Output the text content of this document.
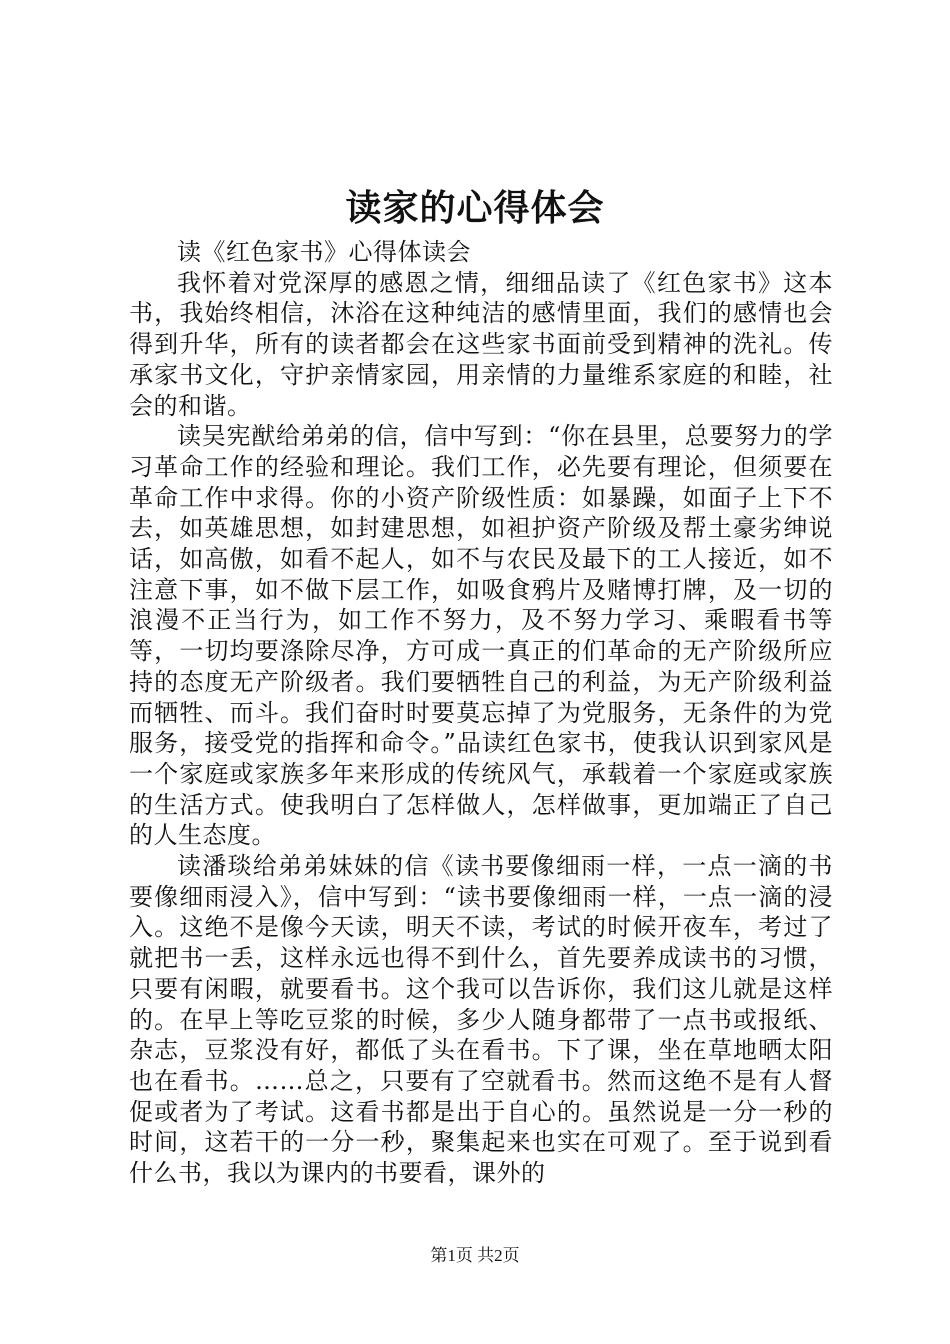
读家的心得体会

读《红色家书》心得体读会

我怀着对党深厚的感恩之情，细细品读了《红色家书》这本书，我始终相信，沐浴在这种纯洁的感情里面，我们的感情也会得到升华，所有的读者都会在这些家书面前受到精神的洗礼。传承家书文化，守护亲情家园，用亲情的力量维系家庭的和睦，社会的和谐。

读吴宪猷给弟弟的信，信中写到：“你在县里，总要努力的学习革命工作的经验和理论。我们工作，必先要有理论，但须要在革命工作中求得。你的小资产阶级性质：如暴躁，如面子上下不去，如英雄思想，如封建思想，如袒护资产阶级及帮土豪劣绅说话，如高傲，如看不起人，如不与农民及最下的工人接近，如不注意下事，如不做下层工作，如吸食鸦片及赌博打牌，及一切的浪漫不正当行为，如工作不努力，及不努力学习、乘暇看书等等，一切均要涤除尽净，方可成一真正的们革命的无产阶级所应持的态度无产阶级者。我们要牺牲自己的利益，为无产阶级利益而牺牲、而斗。我们奋时时要莫忘掉了为党服务，无条件的为党服务，接受党的指挥和命令。”品读红色家书，使我认识到家风是一个家庭或家族多年来形成的传统风气，承载着一个家庭或家族的生活方式。使我明白了怎样做人，怎样做事，更加端正了自己的人生态度。

读潘琰给弟弟妹妹的信《读书要像细雨一样，一点一滴的书要像细雨浸入》，信中写到：“读书要像细雨一样，一点一滴的浸入。这绝不是像今天读，明天不读，考试的时候开夜车，考过了就把书一丢，这样永远也得不到什么，首先要养成读书的习惯，只要有闲暇，就要看书。这个我可以告诉你，我们这儿就是这样的。在早上等吃豆浆的时候，多少人随身都带了一点书或报纸、杂志，豆浆没有好，都低了头在看书。下了课，坐在草地晒太阳也在看书。……总之，只要有了空就看书。然而这绝不是有人督促或者为了考试。这看书都是出于自心的。虽然说是一分一秒的时间，这若干的一分一秒，聚集起来也实在可观了。至于说到看什么书，我以为课内的书要看，课外的

第1页 共2页
